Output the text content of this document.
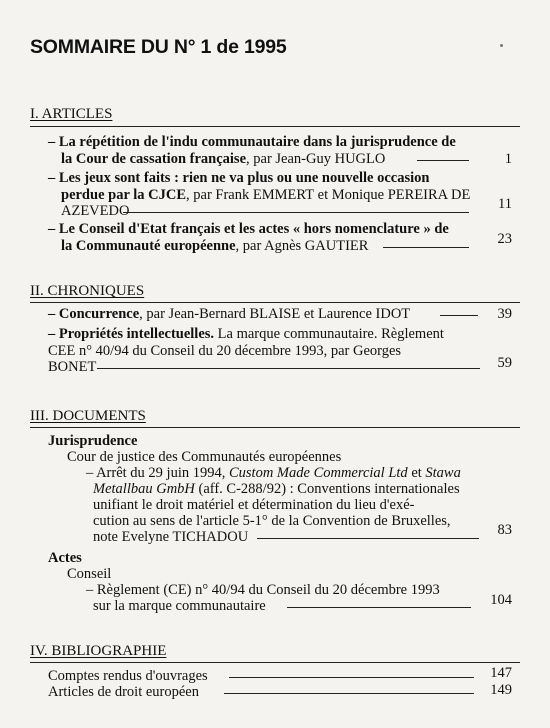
SOMMAIRE DU N° 1 de 1995
I. ARTICLES
– La répétition de l'indu communautaire dans la jurisprudence de
la Cour de cassation française, par Jean-Guy HUGLO	1
– Les jeux sont faits : rien ne va plus ou une nouvelle occasion
perdue par la CJCE, par Frank EMMERT et Monique PEREIRA DE
AZEVEDO	11
– Le Conseil d'Etat français et les actes « hors nomenclature » de
la Communauté européenne, par Agnès GAUTIER	23
II. CHRONIQUES
– Concurrence, par Jean-Bernard BLAISE et Laurence IDOT	39
– Propriétés intellectuelles. La marque communautaire. Règlement
CEE n° 40/94 du Conseil du 20 décembre 1993, par Georges
BONET	59
III. DOCUMENTS
Jurisprudence
Cour de justice des Communautés européennes
– Arrêt du 29 juin 1994, Custom Made Commercial Ltd et Stawa
Metallbau GmbH (aff. C-288/92) : Conventions internationales
unifiant le droit matériel et détermination du lieu d'exé-
cution au sens de l'article 5-1° de la Convention de Bruxelles,
note Evelyne TICHADOU	83
Actes
Conseil
– Règlement (CE) n° 40/94 du Conseil du 20 décembre 1993
sur la marque communautaire	104
IV. BIBLIOGRAPHIE
Comptes rendus d'ouvrages	147
Articles de droit européen	149
